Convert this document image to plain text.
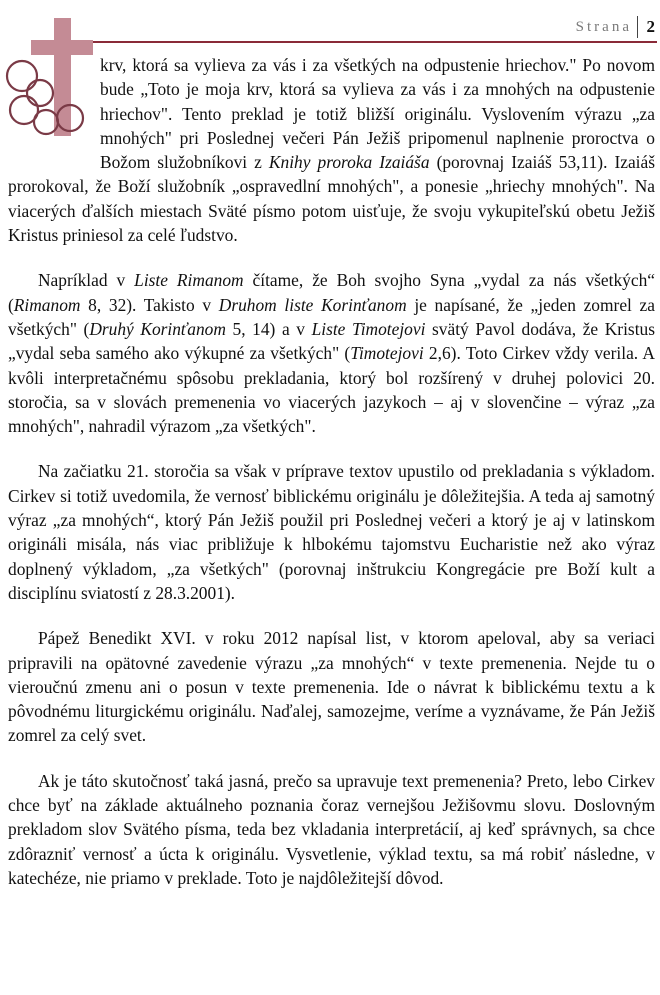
Strana 2

krv, ktorá sa vylieva za vás i za všetkých na odpustenie hriechov." Po novom bude „Toto je moja krv, ktorá sa vylieva za vás i za mnohých na odpustenie hriechov". Tento preklad je totiž bližší originálu. Vyslovením výrazu „za mnohých" pri Poslednej večeri Pán Ježiš pripomenul naplnenie proroctva o Božom služobníkovi z Knihy proroka Izaiáša (porovnaj Izaiáš 53,11). Izaiáš prorokoval, že Boží služobník „ospravedlní mnohých", a ponesie „hriechy mnohých". Na viacerých ďalších miestach Sväté písmo potom uisťuje, že svoju vykupiteľskú obetu Ježiš Kristus priniesol za celé ľudstvo.

Napríklad v Liste Rimanom čítame, že Boh svojho Syna „vydal za nás všetkých“ (Rimanom 8, 32). Takisto v Druhom liste Korinťanom je napísané, že „jeden zomrel za všetkých" (Druhý Korinťanom 5, 14) a v Liste Timotejovi svätý Pavol dodáva, že Kristus „vydal seba samého ako výkupné za všetkých" (Timotejovi 2,6). Toto Cirkev vždy verila. A kvôli interpretačnému spôsobu prekladania, ktorý bol rozšírený v druhej polovici 20. storočia, sa v slovách premenenia vo viacerých jazykoch – aj v slovenčine – výraz „za mnohých", nahradil výrazom „za všetkých".

Na začiatku 21. storočia sa však v príprave textov upustilo od prekladania s výkladom. Cirkev si totiž uvedomila, že vernosť biblickému originálu je dôležitejšia. A teda aj samotný výraz „za mnohých“, ktorý Pán Ježiš použil pri Poslednej večeri a ktorý je aj v latinskom origináli misála, nás viac približuje k hlbokému tajomstvu Eucharistie než ako výraz doplnený výkladom, „za všetkých" (porovnaj inštrukciu Kongregácie pre Boží kult a disciplínu sviatostí z 28.3.2001).

Pápež Benedikt XVI. v roku 2012 napísal list, v ktorom apeloval, aby sa veriaci pripravili na opätovné zavedenie výrazu „za mnohých“ v texte premenenia. Nejde tu o vieroučnú zmenu ani o posun v texte premenenia. Ide o návrat k biblickému textu a k pôvodnému liturgickému originálu. Naďalej, samozejme, veríme a vyznávame, že Pán Ježiš zomrel za celý svet.

Ak je táto skutočnosť taká jasná, prečo sa upravuje text premenenia? Preto, lebo Cirkev chce byť na základe aktuálneho poznania čoraz vernejšou Ježišovmu slovu. Doslovným prekladom slov Svätého písma, teda bez vkladania interpretácií, aj keď správnych, sa chce zdôrazniť vernosť a úcta k originálu. Vysvetlenie, výklad textu, sa má robiť následne, v katechéze, nie priamo v preklade. Toto je najdôležitejší dôvod.
